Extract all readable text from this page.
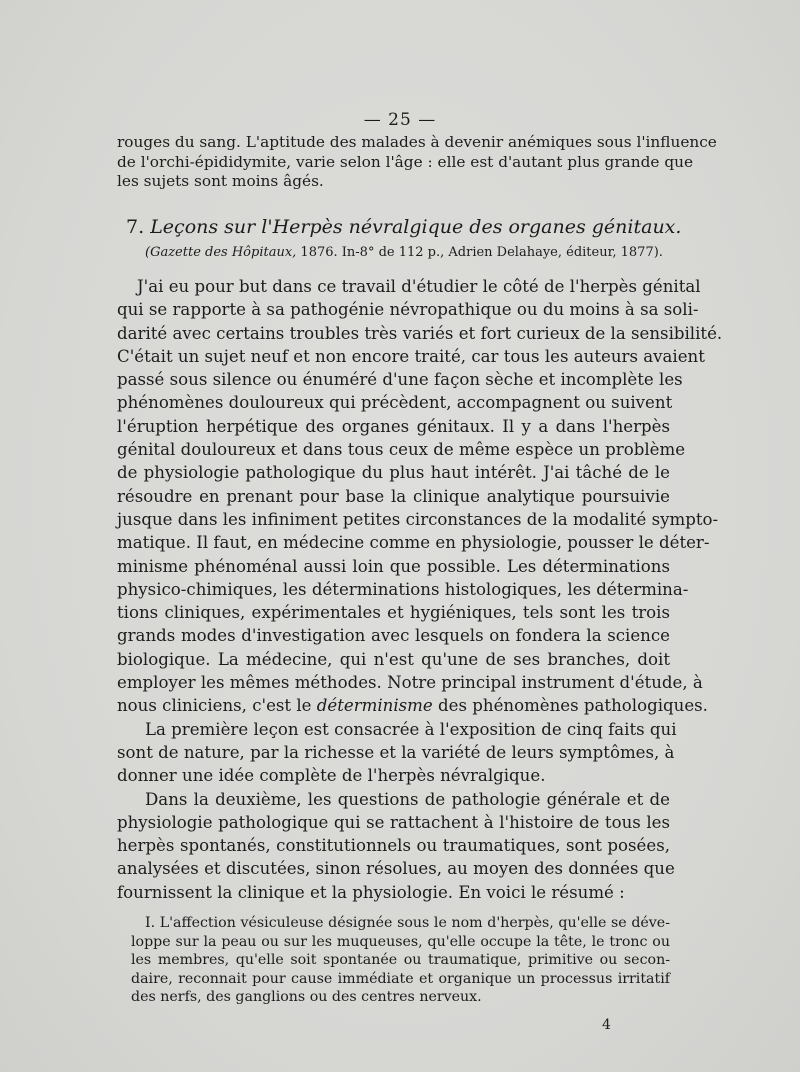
— 25 —
rouges du sang. L'aptitude des malades à devenir anémiques sous l'influence
de l'orchi-épididymite, varie selon l'âge : elle est d'autant plus grande que
les sujets sont moins âgés.
7. Leçons sur l'Herpès névralgique des organes génitaux.
(Gazette des Hôpitaux, 1876. In-8° de 112 p., Adrien Delahaye, éditeur, 1877).
J'ai eu pour but dans ce travail d'étudier le côté de l'herpès génital
qui se rapporte à sa pathogénie névropathique ou du moins à sa soli-
darité avec certains troubles très variés et fort curieux de la sensibilité.
C'était un sujet neuf et non encore traité, car tous les auteurs avaient
passé sous silence ou énuméré d'une façon sèche et incomplète les
phénomènes douloureux qui précèdent, accompagnent ou suivent
l'éruption herpétique des organes génitaux. Il y a dans l'herpès
génital douloureux et dans tous ceux de même espèce un problème
de physiologie pathologique du plus haut intérêt. J'ai tâché de le
résoudre en prenant pour base la clinique analytique poursuivie
jusque dans les infiniment petites circonstances de la modalité sympto-
matique. Il faut, en médecine comme en physiologie, pousser le déter-
minisme phénoménal aussi loin que possible. Les déterminations
physico-chimiques, les déterminations histologiques, les détermina-
tions cliniques, expérimentales et hygiéniques, tels sont les trois
grands modes d'investigation avec lesquels on fondera la science
biologique. La médecine, qui n'est qu'une de ses branches, doit
employer les mêmes méthodes. Notre principal instrument d'étude, à
nous cliniciens, c'est le déterminisme des phénomènes pathologiques.
La première leçon est consacrée à l'exposition de cinq faits qui
sont de nature, par la richesse et la variété de leurs symptômes, à
donner une idée complète de l'herpès névralgique.
Dans la deuxième, les questions de pathologie générale et de
physiologie pathologique qui se rattachent à l'histoire de tous les
herpès spontanés, constitutionnels ou traumatiques, sont posées,
analysées et discutées, sinon résolues, au moyen des données que
fournissent la clinique et la physiologie. En voici le résumé :
I. L'affection vésiculeuse désignée sous le nom d'herpès, qu'elle se déve-
loppe sur la peau ou sur les muqueuses, qu'elle occupe la tête, le tronc ou
les membres, qu'elle soit spontanée ou traumatique, primitive ou secon-
daire, reconnait pour cause immédiate et organique un processus irritatif
des nerfs, des ganglions ou des centres nerveux.
4
